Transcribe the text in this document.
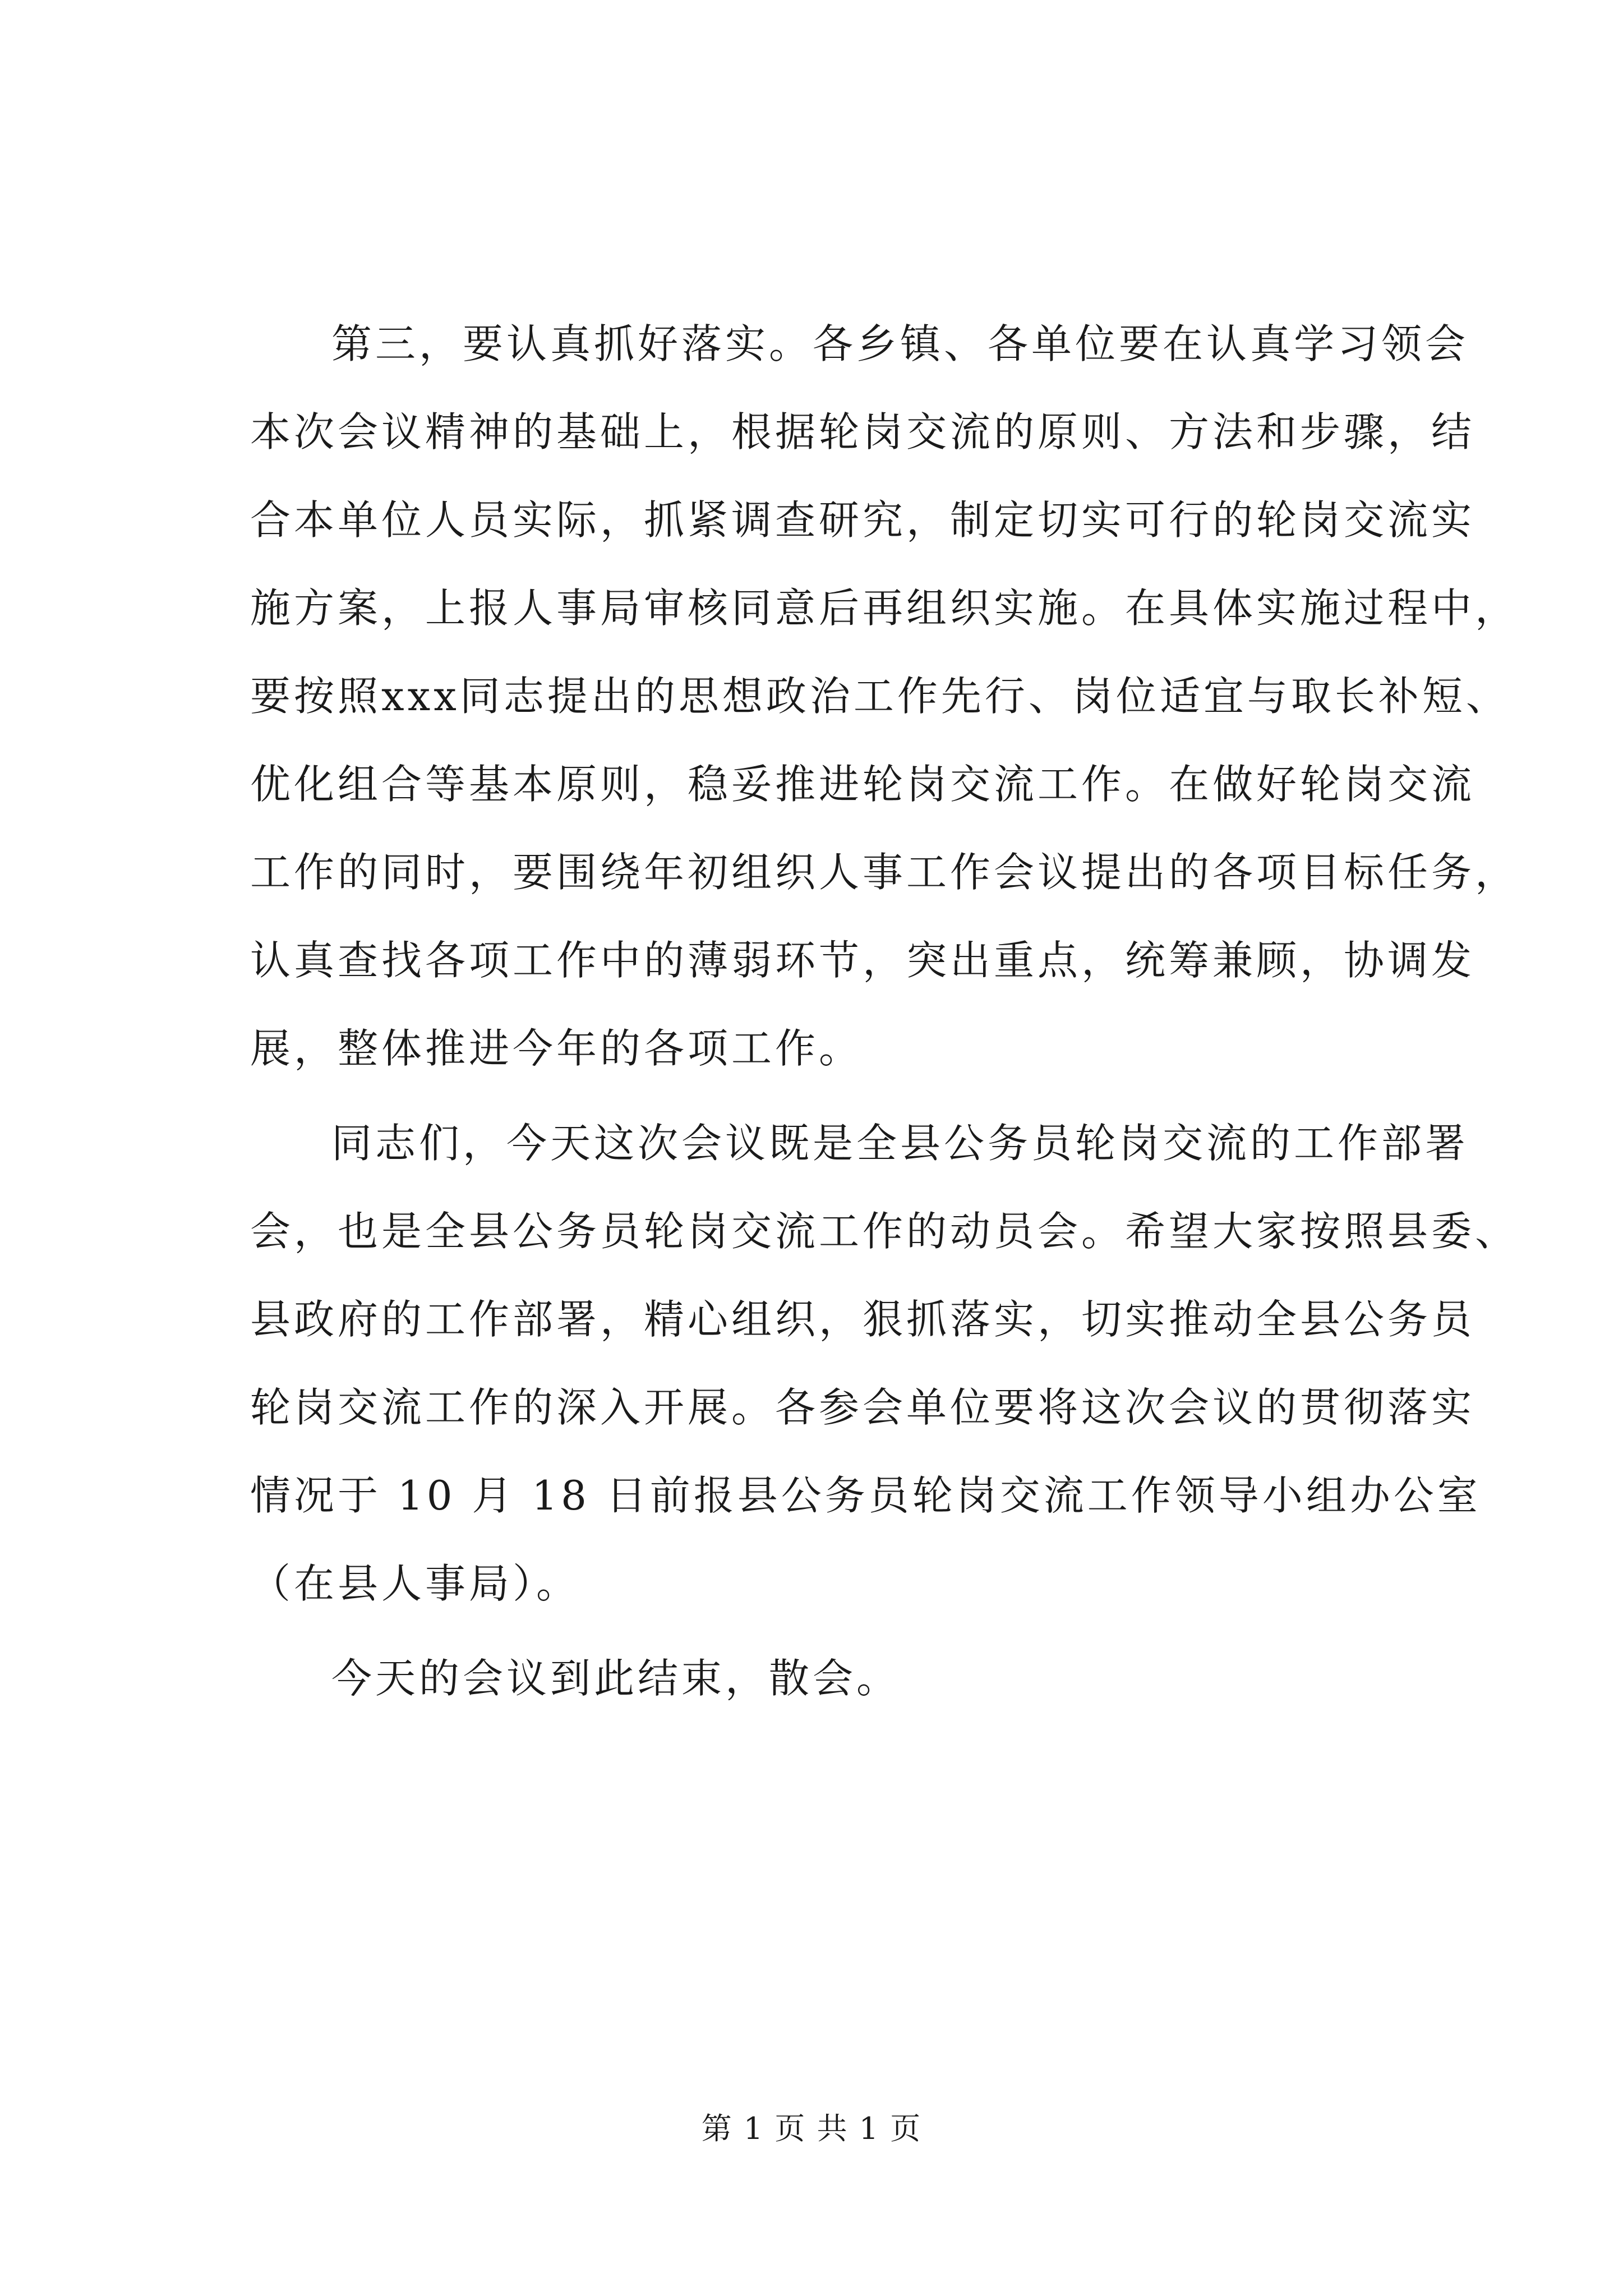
第三，要认真抓好落实。各乡镇、各单位要在认真学习领会
本次会议精神的基础上，根据轮岗交流的原则、方法和步骤，结
合本单位人员实际，抓紧调查研究，制定切实可行的轮岗交流实
施方案，上报人事局审核同意后再组织实施。在具体实施过程中，
要按照xxx同志提出的思想政治工作先行、岗位适宜与取长补短、
优化组合等基本原则，稳妥推进轮岗交流工作。在做好轮岗交流
工作的同时，要围绕年初组织人事工作会议提出的各项目标任务，
认真查找各项工作中的薄弱环节，突出重点，统筹兼顾，协调发
展，整体推进今年的各项工作。
同志们，今天这次会议既是全县公务员轮岗交流的工作部署
会，也是全县公务员轮岗交流工作的动员会。希望大家按照县委、
县政府的工作部署，精心组织，狠抓落实，切实推动全县公务员
轮岗交流工作的深入开展。各参会单位要将这次会议的贯彻落实
情况于 10 月 18 日前报县公务员轮岗交流工作领导小组办公室
（在县人事局）。
今天的会议到此结束，散会。
第 1 页 共 1 页
